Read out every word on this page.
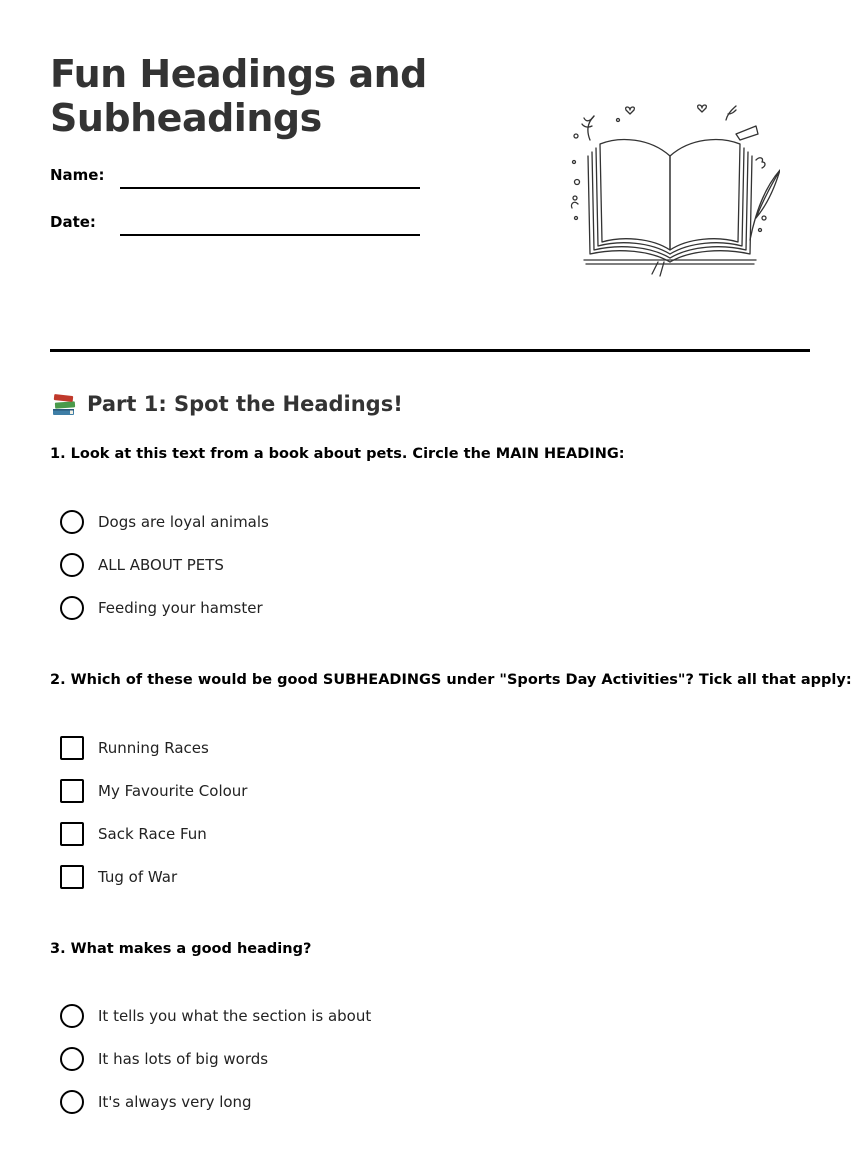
Fun Headings and Subheadings
Name:
Date:
Part 1: Spot the Headings!

1. Look at this text from a book about pets. Circle the MAIN HEADING:

Dogs are loyal animals
ALL ABOUT PETS
Feeding your hamster

2. Which of these would be good SUBHEADINGS under "Sports Day Activities"? Tick all that apply:

Running Races
My Favourite Colour
Sack Race Fun
Tug of War

3. What makes a good heading?

It tells you what the section is about
It has lots of big words
It's always very long
